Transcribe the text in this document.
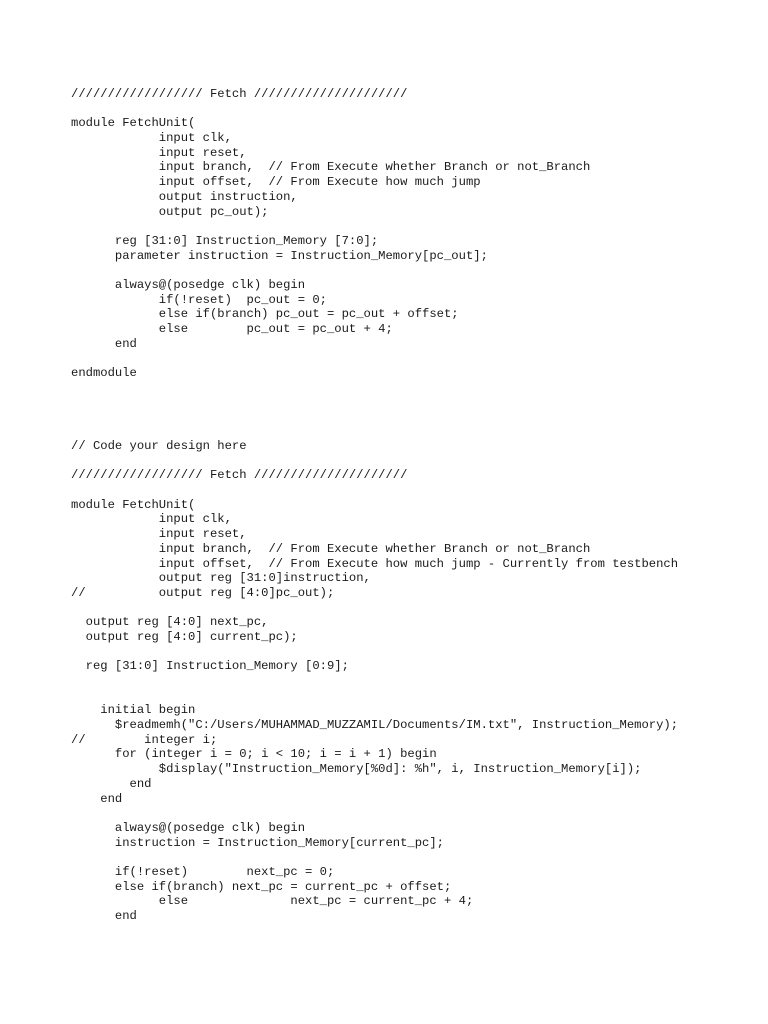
////////////////// Fetch /////////////////////
module FetchUnit(
input clk,
input reset,
input branch,  // From Execute whether Branch or not_Branch
input offset,  // From Execute how much jump
output instruction,
output pc_out);
reg [31:0] Instruction_Memory [7:0];
parameter instruction = Instruction_Memory[pc_out];
always@(posedge clk) begin
if(!reset)  pc_out = 0;
else if(branch) pc_out = pc_out + offset;
else        pc_out = pc_out + 4;
end
endmodule
// Code your design here
////////////////// Fetch /////////////////////
module FetchUnit(
input clk,
input reset,
input branch,  // From Execute whether Branch or not_Branch
input offset,  // From Execute how much jump - Currently from testbench
output reg [31:0]instruction,
//          output reg [4:0]pc_out);
output reg [4:0] next_pc,
output reg [4:0] current_pc);
reg [31:0] Instruction_Memory [0:9];
initial begin
$readmemh("C:/Users/MUHAMMAD_MUZZAMIL/Documents/IM.txt", Instruction_Memory);
//        integer i;
for (integer i = 0; i < 10; i = i + 1) begin
$display("Instruction_Memory[%0d]: %h", i, Instruction_Memory[i]);
end
end
always@(posedge clk) begin
instruction = Instruction_Memory[current_pc];
if(!reset)        next_pc = 0;
else if(branch) next_pc = current_pc + offset;
else              next_pc = current_pc + 4;
end
